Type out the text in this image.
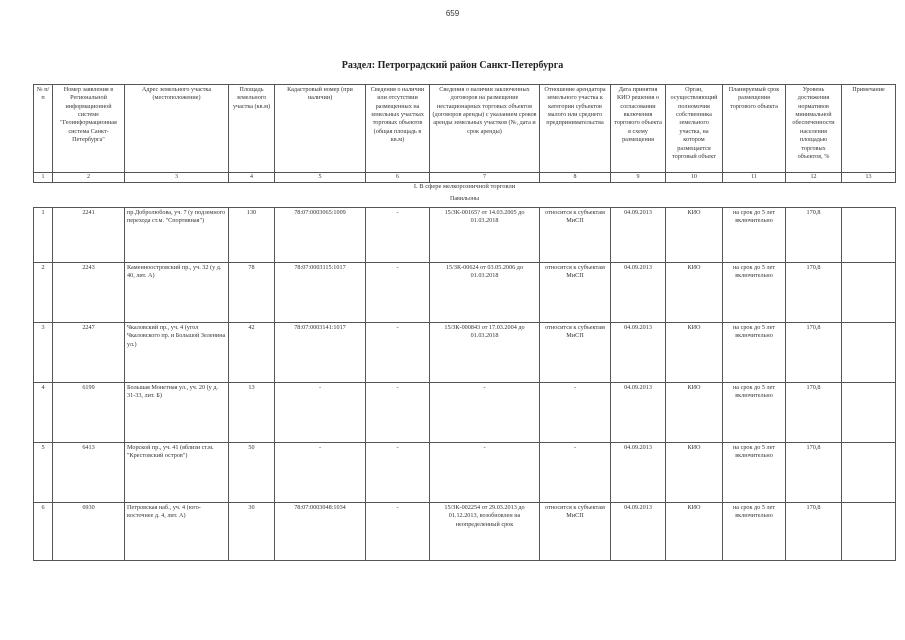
659
Раздел: Петроградский район Санкт-Петербурга
№ п/п	Номер заявления в Региональной информационной системе "Геоинформационная система Санкт-Петербурга"	Адрес земельного участка (местоположение)	Площадь земельного участка (кв.м)	Кадастровый номер (при наличии)	Сведения о наличии или отсутствии размещенных на земельных участках торговых объектов (общая площадь в кв.м)	Сведения о наличии заключенных договоров на размещение нестационарных торговых объектов (договоров аренды) с указанием сроков аренды земельных участков (№, дата и срок аренды)	Отношение арендатора земельного участка к категории субъектов малого или среднего предпринимательства	Дата принятия КИО решения о согласовании включения торгового объекта в схему размещения	Орган, осуществляющий полномочия собственника земельного участка, на котором размещается торговый объект	Планируемый срок размещения торгового объекта	Уровень достижения нормативов минимальной обеспеченности населения площадью торговых объектов, %	Примечание
1	2	3	4	5	6	7	8	9	10	11	12	13

I. В сфере мелкорозничной торговли
Павильоны												

1	2241	пр.Добролюбова, уч. 7 (у подземного перехода ст.м. "Спортивная")	130	78:07:0003065:1009	-	15/ЗК-00165? от 14.03.2005 до 01.03.2018	относится к субъектам МиСП	04.09.2013	КИО	на срок до 5 лет включительно	170,8	
2	2243	Каменноостровский пр., уч. 32 (у д. 40, лит. А)	78	78:07:0003115:1017	-	15/ЗК-00624 от 03.05.2006 до 01.03.2018	относится к субъектам МиСП	04.09.2013	КИО	на срок до 5 лет включительно	170,8	
3	2247	Чкаловский пр., уч. 4 (угол Чкаловского пр. и Большой Зеленина ул.)	42	78:07:0003141:1017	-	15/ЗК-000843 от 17.03.2004 до 01.03.2018	относится к субъектам МиСП	04.09.2013	КИО	на срок до 5 лет включительно	170,8	
4	6199	Большая Монетная ул., уч. 20 (у д. 31-33, лит. Б)	13	-	-	-	-	04.09.2013	КИО	на срок до 5 лет включительно	170,8	
5	6413	Морской пр., уч. 41 (вблизи ст.м. "Крестовский остров")	50	-	-	-	-	04.09.2013	КИО	на срок до 5 лет включительно	170,8	
6	6930	Петровская наб., уч. 4 (юго-восточнее д. 4, лит. А)	30	78:07:0003048:1034	-	15/ЗК-002254 от 29.03.2013 до 01.12.2013, возобновлен на неопределенный срок	относится к субъектам МиСП	04.09.2013	КИО	на срок до 5 лет включительно	170,8	
